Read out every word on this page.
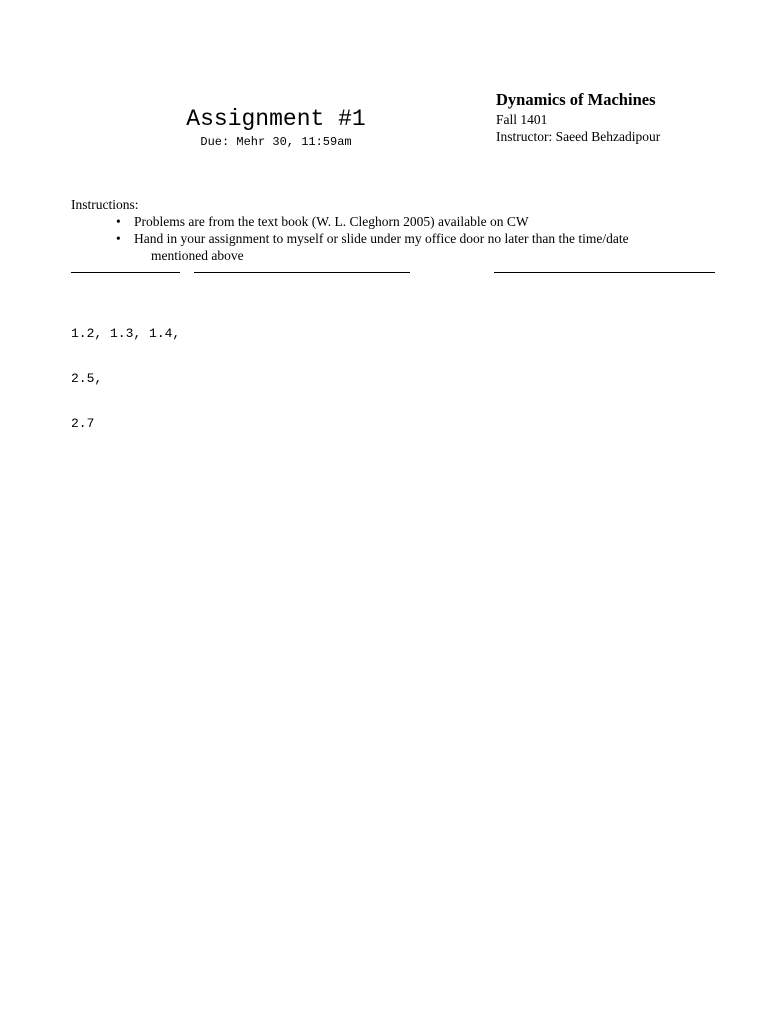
Assignment #1
Due: Mehr 30, 11:59am
Dynamics of Machines
Fall 1401
Instructor: Saeed Behzadipour
Instructions:
• Problems are from the text book (W. L. Cleghorn 2005) available on CW
• Hand in your assignment to myself or slide under my office door no later than the time/date
mentioned above

1.2, 1.3, 1.4,

2.5,

2.7
